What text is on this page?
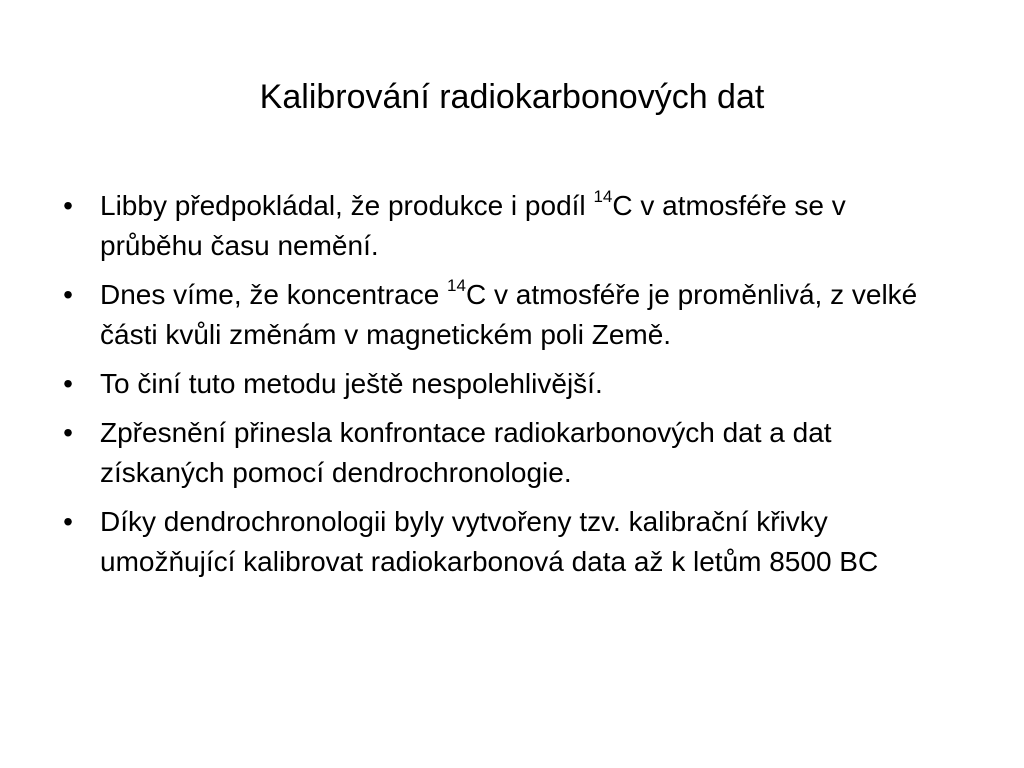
Kalibrování radiokarbonových dat
• Libby předpokládal, že produkce i podíl $^{14}$C v atmosféře se v průběhu času nemění.
• Dnes víme, že koncentrace $^{14}$C v atmosféře je proměnlivá, z velké části kvůli změnám v magnetickém poli Země.
• To činí tuto metodu ještě nespolehlivější.
• Zpřesnění přinesla konfrontace radiokarbonových dat a dat získaných pomocí dendrochronologie.
• Díky dendrochronologii byly vytvořeny tzv. kalibrační křivky umožňující kalibrovat radiokarbonová data až k letům 8500 BC
